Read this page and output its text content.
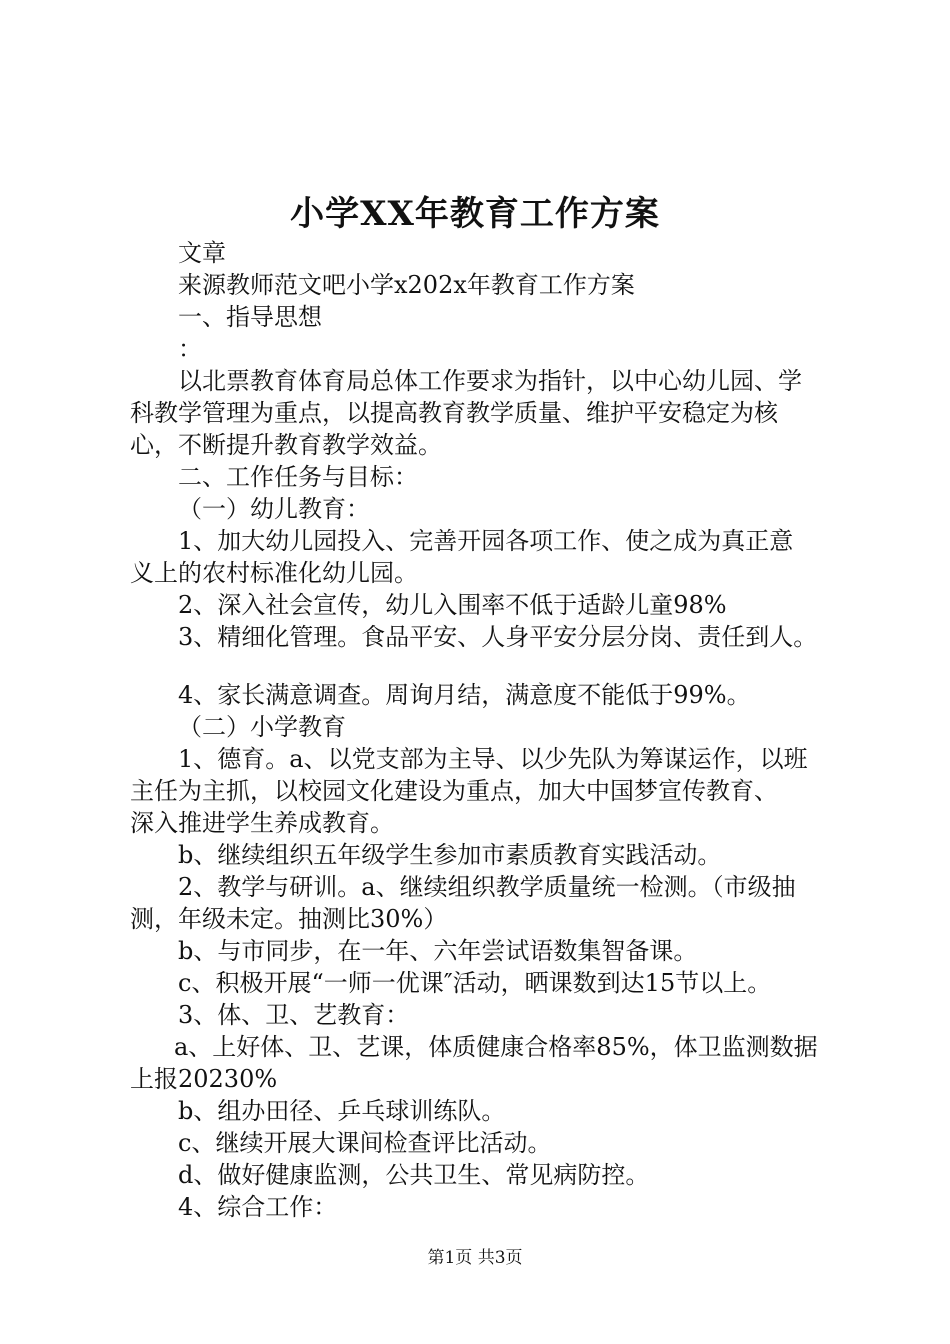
小学XX年教育工作方案
文章
来源教师范文吧小学x202x年教育工作方案
一、指导思想
：
以北票教育体育局总体工作要求为指针，以中心幼儿园、学
科教学管理为重点，以提高教育教学质量、维护平安稳定为核
心，不断提升教育教学效益。
二、工作任务与目标：
（一）幼儿教育：
1、加大幼儿园投入、完善开园各项工作、使之成为真正意
义上的农村标准化幼儿园。
2、深入社会宣传，幼儿入围率不低于适龄儿童98%
3、精细化管理。食品平安、人身平安分层分岗、责任到人。
4、家长满意调查。周询月结，满意度不能低于99%。
（二）小学教育
1、德育。a、以党支部为主导、以少先队为筹谋运作，以班
主任为主抓，以校园文化建设为重点，加大中国梦宣传教育、
深入推进学生养成教育。
b、继续组织五年级学生参加市素质教育实践活动。
2、教学与研训。a、继续组织教学质量统一检测。（市级抽
测，年级未定。抽测比30%）
b、与市同步，在一年、六年尝试语数集智备课。
c、积极开展“一师一优课″活动，晒课数到达15节以上。
3、体、卫、艺教育：
a、上好体、卫、艺课，体质健康合格率85%，体卫监测数据
上报20230%
b、组办田径、乒乓球训练队。
c、继续开展大课间检查评比活动。
d、做好健康监测，公共卫生、常见病防控。
4、综合工作：
第1页 共3页
